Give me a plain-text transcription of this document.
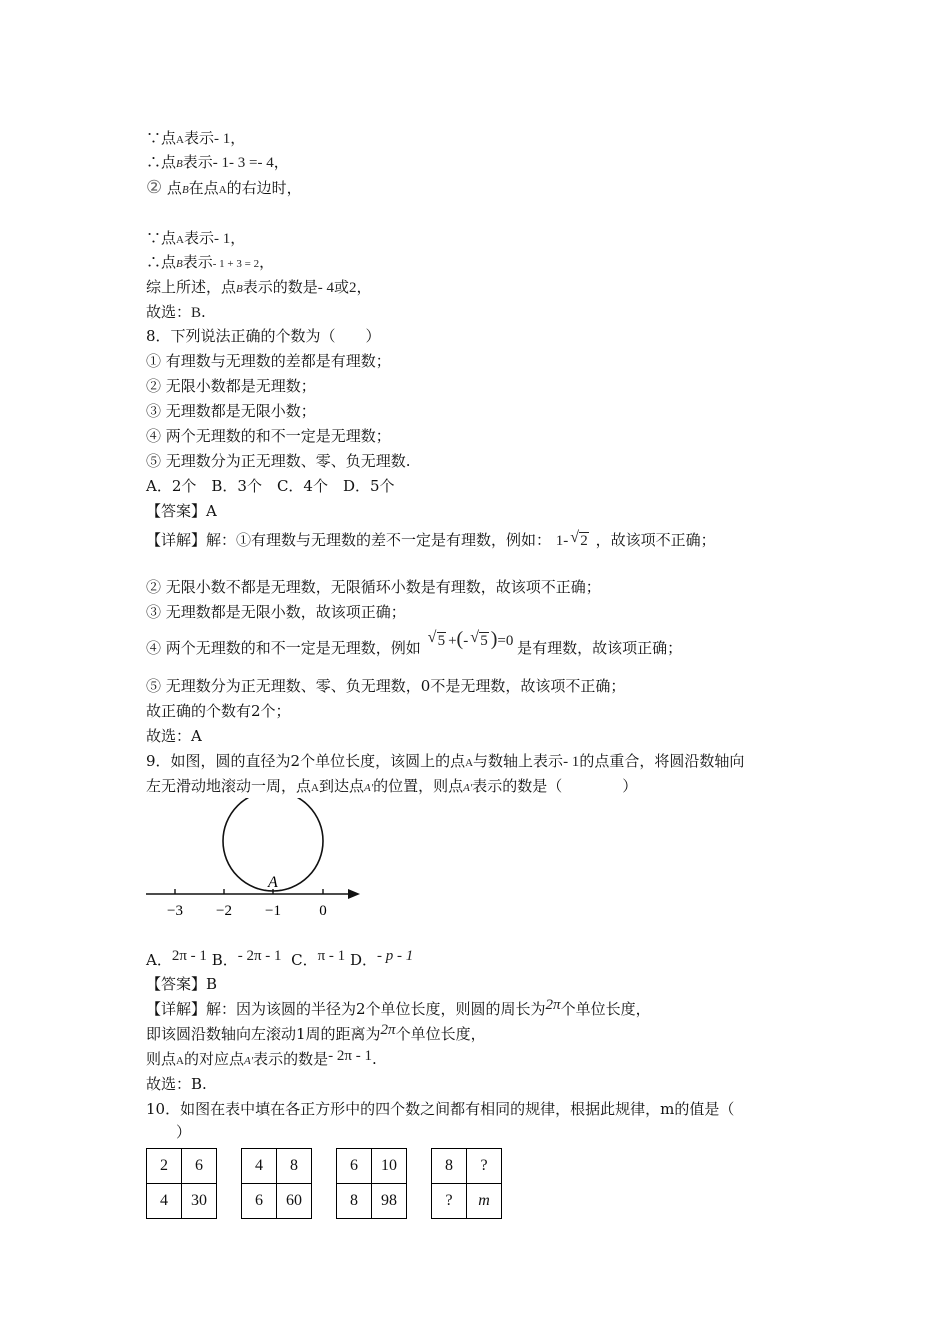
∵点A表示- 1，
∴点B表示- 1- 3 =- 4，
② 点B在点A的右边时，
∵点A表示- 1，
∴点B表示- 1 + 3 = 2，
综上所述，点B表示的数是- 4或2，
故选：B.
8．下列说法正确的个数为（　　）
① 有理数与无理数的差都是有理数；
② 无限小数都是无理数；
③ 无理数都是无限小数；
④ 两个无理数的和不一定是无理数；
⑤ 无理数分为正无理数、零、负无理数.
A．2个　B．3个　C．4个　D．5个
【答案】A
【详解】解：①有理数与无理数的差不一定是有理数，例如： 1- √ 2 ，故该项不正确；
② 无限小数不都是无理数，无限循环小数是有理数，故该项不正确；
③ 无理数都是无限小数，故该项正确；
④ 两个无理数的和不一定是无理数，例如
√ 5 +(- √ 5 )=0 是有理数，故该项正确；
⑤ 无理数分为正无理数、零、负无理数，0不是无理数，故该项不正确；
故正确的个数有2个；
故选：A
9．如图，圆的直径为2个单位长度，该圆上的点A与数轴上表示- 1的点重合，将圆沿数轴向
左无滑动地滚动一周，点A到达点A′的位置，则点A′表示的数是（　　　　）
A
−3 −2 −1	0
A．2π - 1 B．- 2π - 1 C．π - 1 D．- p - 1
【答案】B
【详解】解：因为该圆的半径为2个单位长度，则圆的周长为2π个单位长度，
即该圆沿数轴向左滚动1周的距离为2π个单位长度，
则点A的对应点A′表示的数是- 2π - 1.
故选：B.
10．如图在表中填在各正方形中的四个数之间都有相同的规律，根据此规律，m的值是（
　　）
2	6
4	30
4	8
6	60
6	10
8	98
8	?
?	m
